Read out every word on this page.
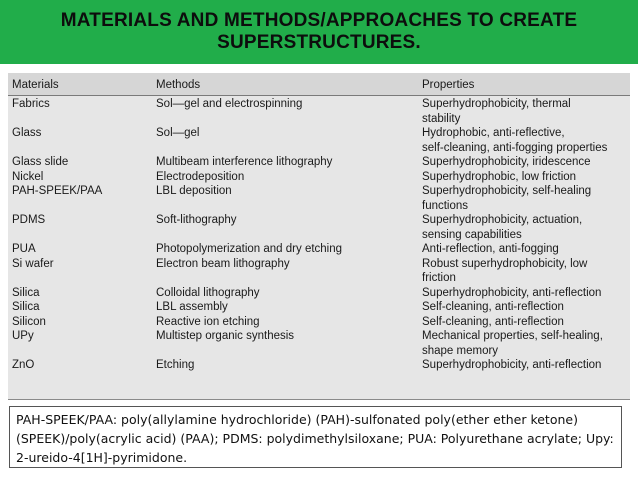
MATERIALS AND METHODS/APPROACHES TO CREATE SUPERSTRUCTURES.
Materials	Methods	Properties
Fabrics	Sol—gel and electrospinning	Superhydrophobicity, thermal
stability
Glass	Sol—gel	Hydrophobic, anti-reflective,
self-cleaning, anti-fogging properties
Glass slide	Multibeam interference lithography	Superhydrophobicity, iridescence
Nickel	Electrodeposition	Superhydrophobic, low friction
PAH-SPEEK/PAA	LBL deposition	Superhydrophobicity, self-healing
functions
PDMS	Soft-lithography	Superhydrophobicity, actuation,
sensing capabilities
PUA	Photopolymerization and dry etching	Anti-reflection, anti-fogging
Si wafer	Electron beam lithography	Robust superhydrophobicity, low
friction
Silica	Colloidal lithography	Superhydrophobicity, anti-reflection
Silica	LBL assembly	Self-cleaning, anti-reflection
Silicon	Reactive ion etching	Self-cleaning, anti-reflection
UPy	Multistep organic synthesis	Mechanical properties, self-healing,
shape memory
ZnO	Etching	Superhydrophobicity, anti-reflection
PAH-SPEEK/PAA: poly(allylamine hydrochloride) (PAH)-sulfonated poly(ether ether ketone) (SPEEK)/poly(acrylic acid) (PAA); PDMS: polydimethylsiloxane; PUA: Polyurethane acrylate; Upy: 2-ureido-4[1H]-pyrimidone.
